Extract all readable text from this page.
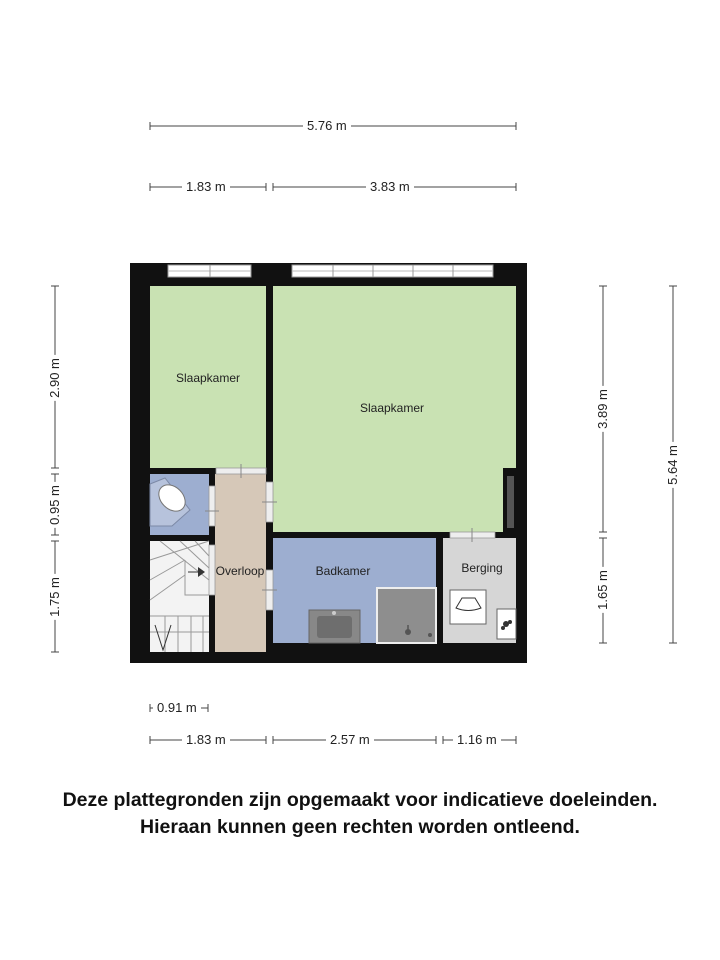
5.76 m
1.83 m	3.83 m
2.90 m
0.95 m
1.75 m
3.89 m
1.65 m
5.64 m
0.91 m
1.83 m	2.57 m	1.16 m
Slaapkamer
Slaapkamer
Overloop	Badkamer	Berging
Deze plattegronden zijn opgemaakt voor indicatieve doeleinden.
Hieraan kunnen geen rechten worden ontleend.
